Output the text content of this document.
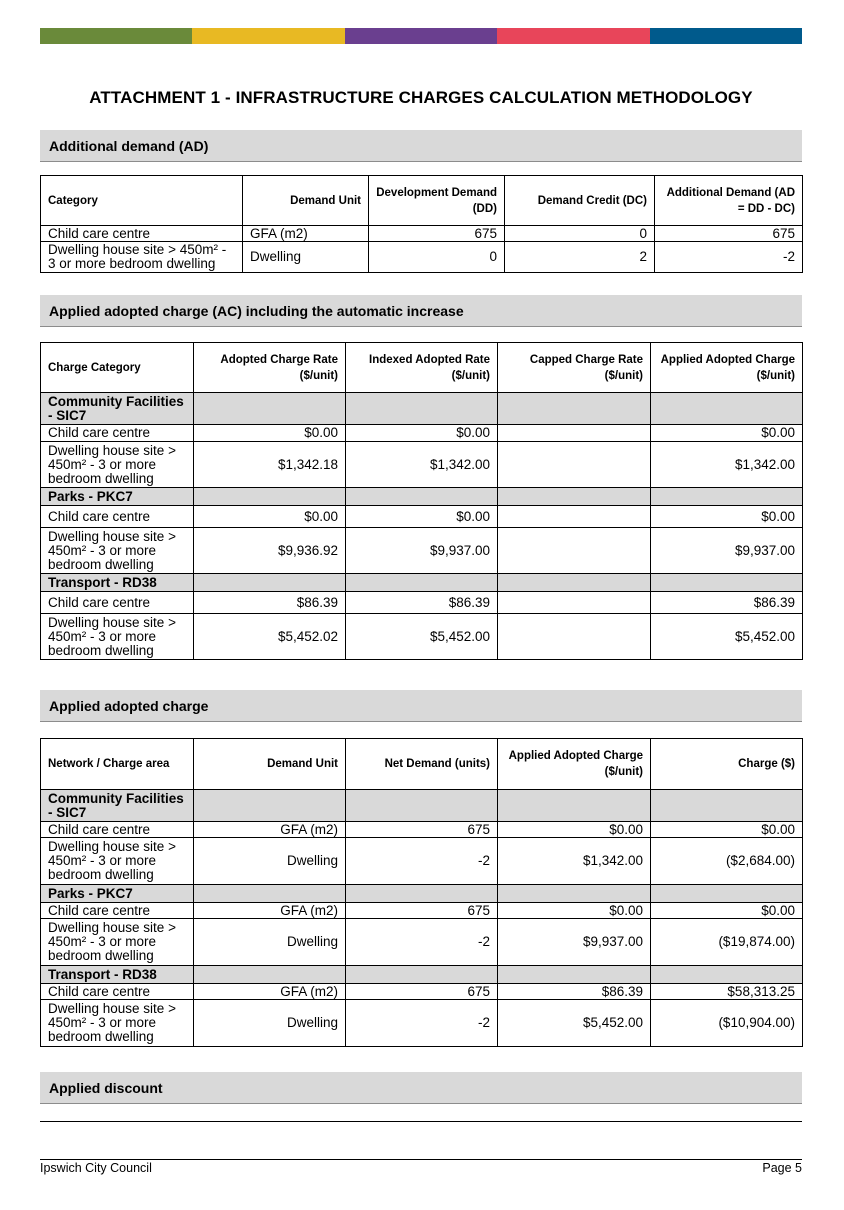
ATTACHMENT 1 - INFRASTRUCTURE CHARGES CALCULATION METHODOLOGY
Additional demand (AD)
Category	Demand Unit	Development Demand (DD)	Demand Credit (DC)	Additional Demand (AD = DD - DC)
Child care centre	GFA (m2)	675	0	675
Dwelling house site > 450m² - 3 or more bedroom dwelling	Dwelling	0	2	-2
Applied adopted charge (AC) including the automatic increase
Charge Category	Adopted Charge Rate ($/unit)	Indexed Adopted Rate ($/unit)	Capped Charge Rate ($/unit)	Applied Adopted Charge ($/unit)
Community Facilities - SIC7				
Child care centre	$0.00	$0.00		$0.00
Dwelling house site > 450m² - 3 or more bedroom dwelling	$1,342.18	$1,342.00		$1,342.00
Parks - PKC7				
Child care centre	$0.00	$0.00		$0.00
Dwelling house site > 450m² - 3 or more bedroom dwelling	$9,936.92	$9,937.00		$9,937.00
Transport - RD38				
Child care centre	$86.39	$86.39		$86.39
Dwelling house site > 450m² - 3 or more bedroom dwelling	$5,452.02	$5,452.00		$5,452.00
Applied adopted charge
Network / Charge area	Demand Unit	Net Demand (units)	Applied Adopted Charge ($/unit)	Charge ($)
Community Facilities - SIC7				
Child care centre	GFA (m2)	675	$0.00	$0.00
Dwelling house site > 450m² - 3 or more bedroom dwelling	Dwelling	-2	$1,342.00	($2,684.00)
Parks - PKC7				
Child care centre	GFA (m2)	675	$0.00	$0.00
Dwelling house site > 450m² - 3 or more bedroom dwelling	Dwelling	-2	$9,937.00	($19,874.00)
Transport - RD38				
Child care centre	GFA (m2)	675	$86.39	$58,313.25
Dwelling house site > 450m² - 3 or more bedroom dwelling	Dwelling	-2	$5,452.00	($10,904.00)
Applied discount
Ipswich City Council	Page 5
